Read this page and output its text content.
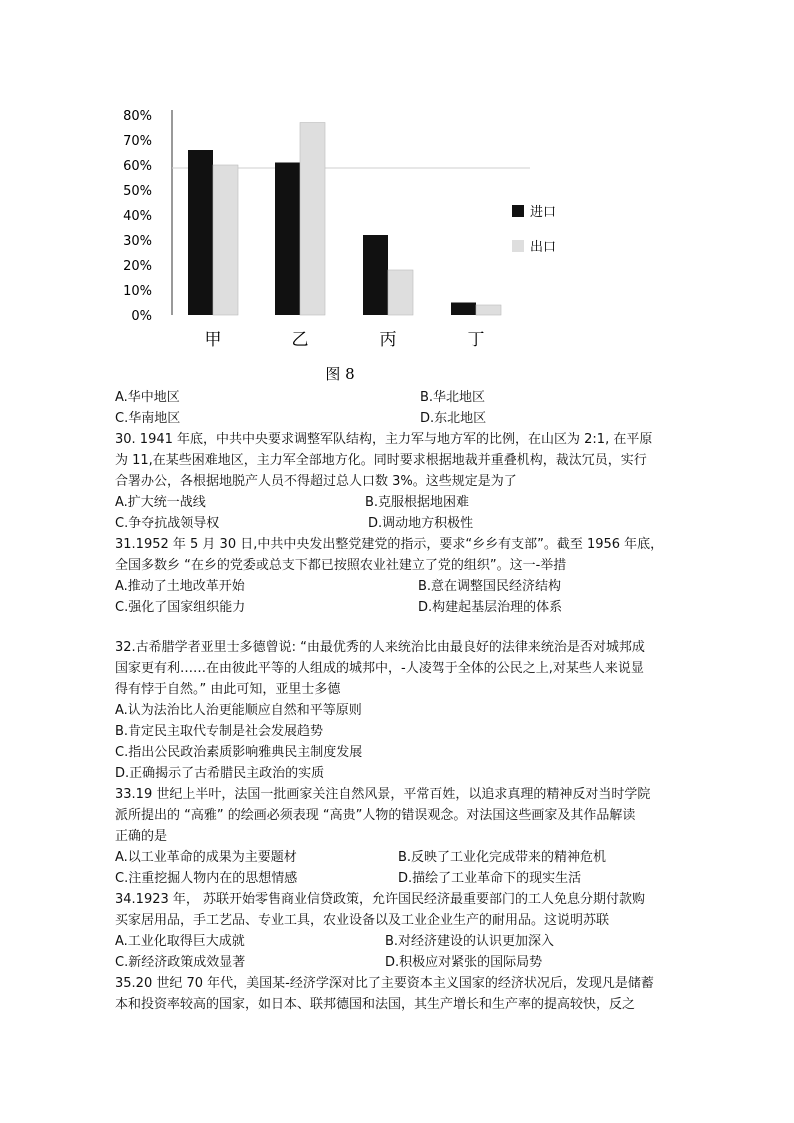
0%
10%
20%
30%
40%
50%
60%
70%
80%
甲	乙	丙	丁
进口
出口
图 8
A.华中地区	B.华北地区
C.华南地区	D.东北地区
30. 1941 年底，中共中央要求调整军队结构，主力军与地方军的比例，在山区为 2:1, 在平原
为 11,在某些困难地区，主力军全部地方化。同时要求根据地裁并重叠机构，裁汰冗员，实行
合署办公，各根据地脱产人员不得超过总人口数 3%。这些规定是为了
A.扩大统一战线	B.克服根据地困难
C.争夺抗战领导权	D.调动地方积极性
31.1952 年 5 月 30 日,中共中央发出整党建党的指示，要求“乡乡有支部”。截至 1956 年底，
全国多数乡 “在乡的党委或总支下都已按照农业社建立了党的组织”。这一-举措
A.推动了土地改革开始	B.意在调整国民经济结构
C.强化了国家组织能力	D.构建起基层治理的体系
32.古希腊学者亚里士多德曾说: “由最优秀的人来统治比由最良好的法律来统治是否对城邦成
国家更有利……在由彼此平等的人组成的城邦中，-人凌驾于全体的公民之上,对某些人来说显
得有悖于自然。” 由此可知，亚里士多德
A.认为法治比人治更能顺应自然和平等原则
B.肯定民主取代专制是社会发展趋势
C.指出公民政治素质影响雅典民主制度发展
D.正确揭示了古希腊民主政治的实质
33.19 世纪上半叶，法国一批画家关注自然风景，平常百姓，以追求真理的精神反对当时学院
派所提出的 “高雅” 的绘画必须表现 “高贵”人物的错误观念。对法国这些画家及其作品解读
正确的是
A.以工业革命的成果为主要题材	B.反映了工业化完成带来的精神危机
C.注重挖掘人物内在的思想情感	D.描绘了工业革命下的现实生活
34.1923 年， 苏联开始零售商业信贷政策，允许国民经济最重要部门的工人免息分期付款购
买家居用品，手工艺品、专业工具，农业设备以及工业企业生产的耐用品。这说明苏联
A.工业化取得巨大成就	B.对经济建设的认识更加深入
C.新经济政策成效显著	D.积极应对紧张的国际局势
35.20 世纪 70 年代，美国某-经济学深对比了主要资本主义国家的经济状况后，发现凡是储蓄
本和投资率较高的国家，如日本、联邦德国和法国，其生产增长和生产率的提高较快，反之
